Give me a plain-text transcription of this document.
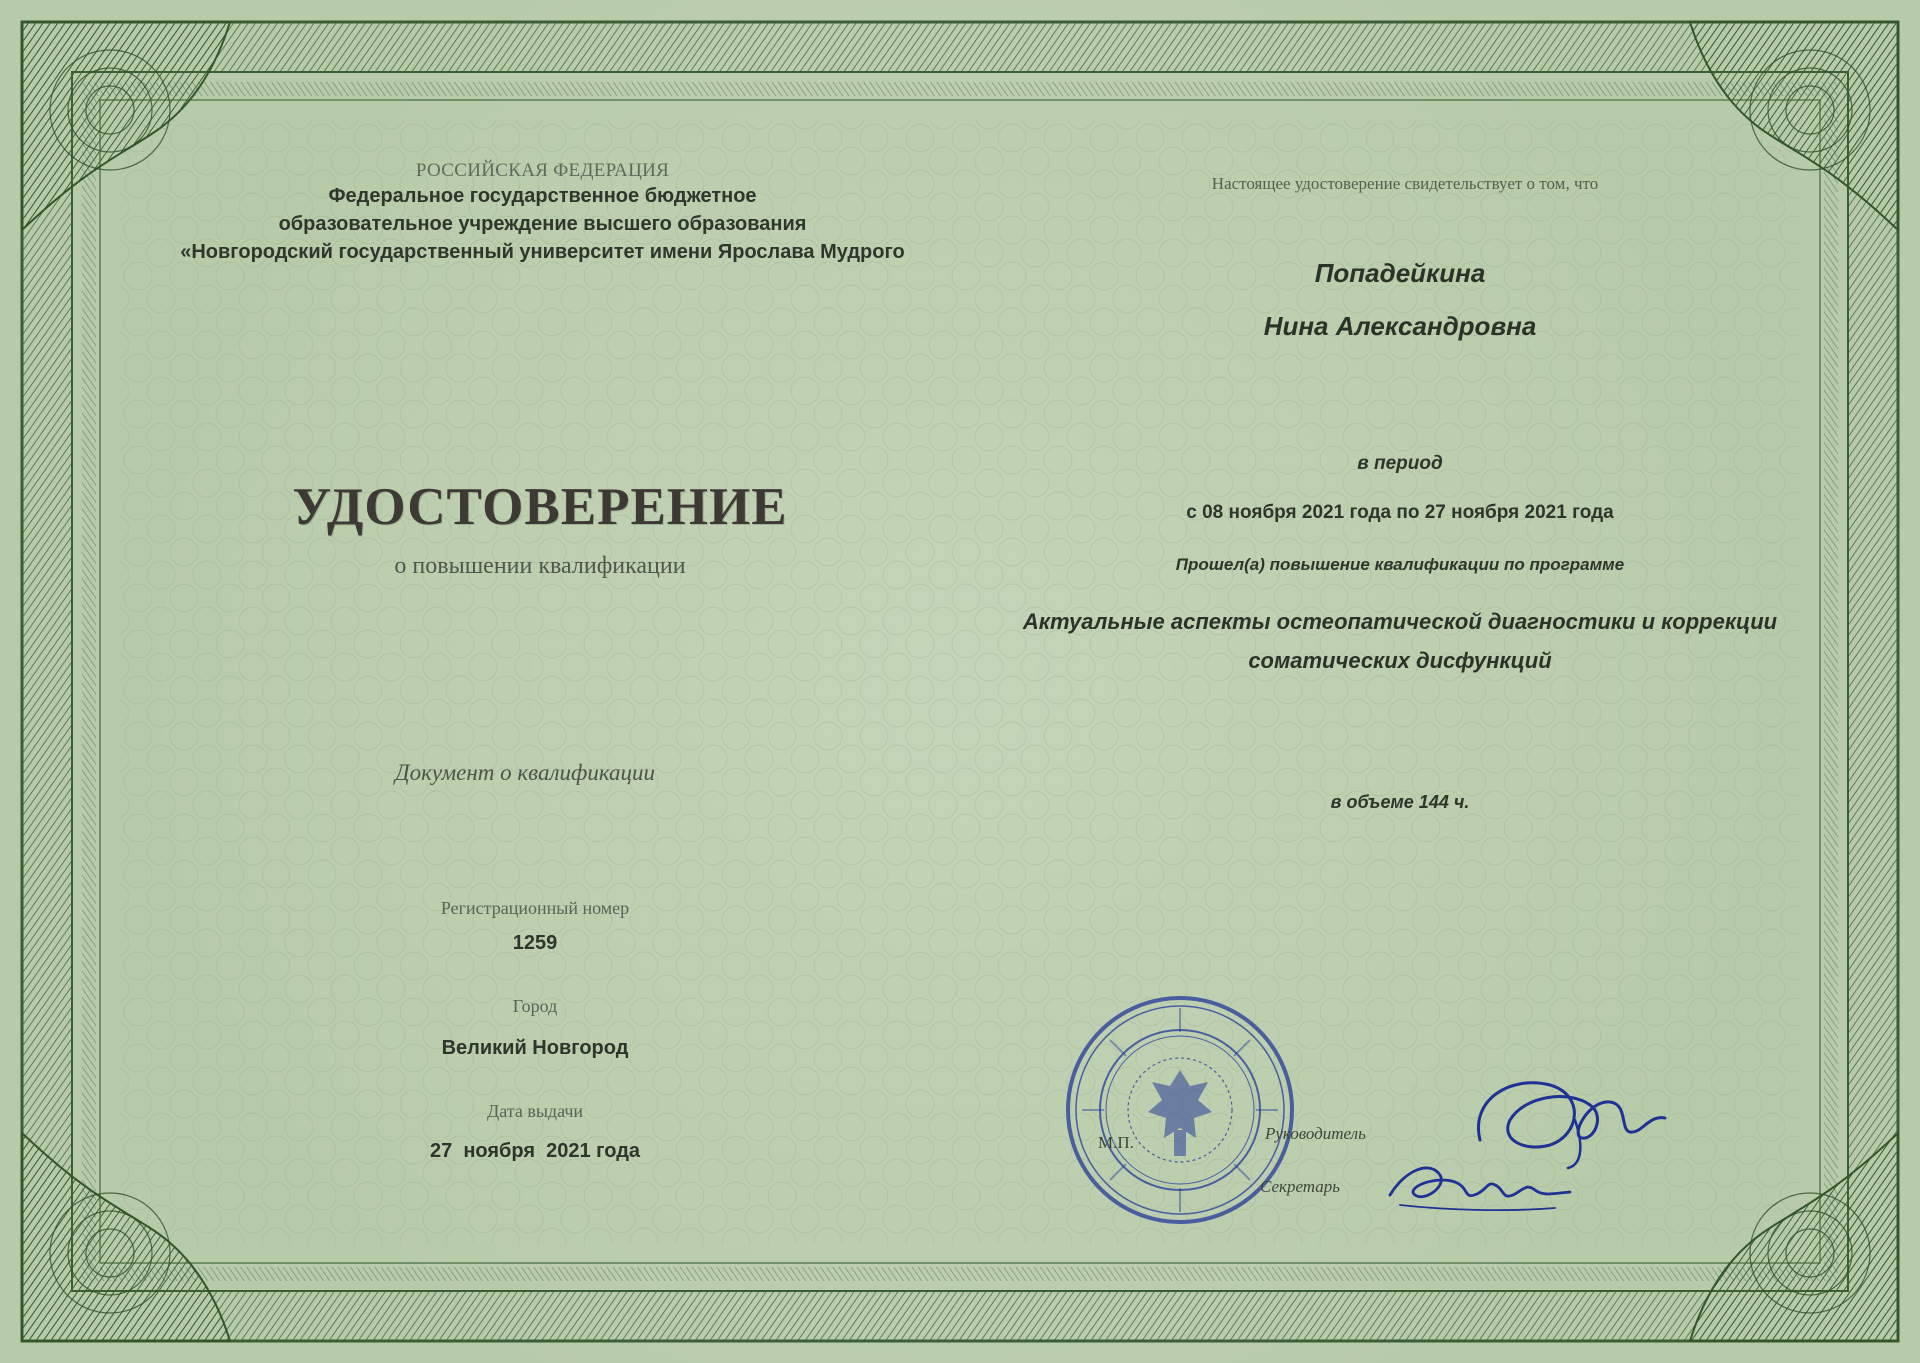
РОССИЙСКАЯ ФЕДЕРАЦИЯ
Федеральное государственное бюджетное
образовательное учреждение высшего образования
«Новгородский государственный университет имени Ярослава Мудрого
УДОСТОВЕРЕНИЕ
о повышении квалификации
Документ о квалификации
Регистрационный номер
1259
Город
Великий Новгород
Дата выдачи
27  ноября  2021 года
Настоящее удостоверение свидетельствует о том, что
Попадейкина
Нина Александровна
в период
с 08 ноября 2021 года по 27 ноября 2021 года
Прошел(а) повышение квалификации по программе
Актуальные аспекты остеопатической диагностики и коррекции соматических дисфункций
в объеме 144 ч.
М.П.	Руководитель
Секретарь
